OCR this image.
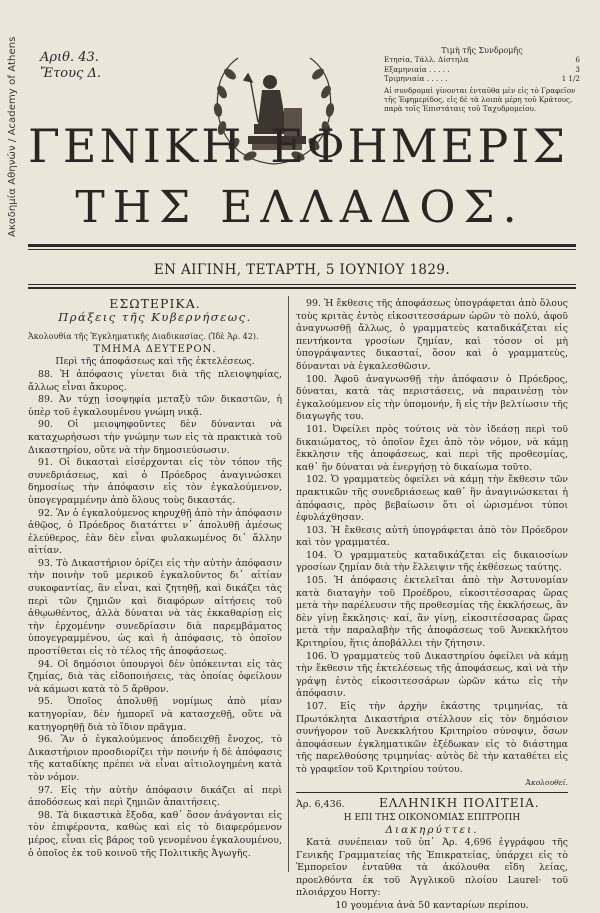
Ακαδημία Αθηνών / Academy of Athens Αριθ. 43.
Ἔτους Δ.
Τιμὴ τῆς Συνδρομῆς
Ετησία, Τάλλ. Δίστηλα	6
Εξαμηνιαία . . . . .	3
Τριμηνιαία . . . . .	1 1/2
Αἱ συνδρομαὶ γίνονται ἐνταῦθα μὲν εἰς τὸ Γραφεῖον τῆς Ἐφημερίδος, εἰς δὲ τὰ λοιπὰ μέρη τοῦ Κράτους, παρὰ τοῖς Ἐπιστάταις τοῦ Ταχυδρομείου.
ΓΕΝΙΚΗ ΕΦΗΜΕΡΙΣ
ΤΗΣ ΕΛΛΑΔΟΣ.
ΕΝ ΑΙΓΙΝΗ, ΤΕΤΑΡΤΗ, 5 ΙΟΥΝΙΟΥ 1829.
ΕΣΩΤΕΡΙΚΑ.
Πράξεις τῆς Κυβερνήσεως.
Ἀκολουθία τῆς Ἐγκληματικῆς Διαδικασίας. (Ἰδὲ Ἀρ. 42).
ΤΜΗΜΑ ΔΕΥΤΕΡΟΝ.
Περὶ τῆς ἀποφάσεως καὶ τῆς ἐκτελέσεως.

88. Ἡ ἀπόφασις γίνεται διὰ τῆς πλειοψηφίας, ἄλλως εἶναι ἄκυρος.

89. Ἀν τύχῃ ἰσοψηφία μεταξὺ τῶν δικαστῶν, ἡ ὑπὲρ τοῦ ἐγκαλουμένου γνώμη νικᾷ.

90. Οἱ μειοψηφοῦντες δὲν δύνανται νὰ καταχωρήσωσι τὴν γνώμην των εἰς τὰ πρακτικὰ τοῦ Δικαστηρίου, οὔτε νὰ τὴν δημοσιεύσωσιν.

91. Οἱ δικασταὶ εἰσέρχονται εἰς τὸν τόπον τῆς συνεδριάσεως, καὶ ὁ Πρόεδρος ἀναγινώσκει δημοσίως τὴν ἀπόφασιν εἰς τὸν ἐγκαλούμενον, ὑπογεγραμμένην ἀπὸ ὅλους τοὺς δικαστάς.

92. Ἂν ὁ ἐγκαλούμενος κηρυχθῇ ἀπὸ τὴν ἀπόφασιν ἀθῷος, ὁ Πρόεδρος διατάττει ν᾽ ἀπολυθῇ ἀμέσως ἐλεύθερος, ἐὰν δὲν εἶναι φυλακωμένος δι᾽ ἄλλην αἰτίαν.

93. Τὸ Δικαστήριον ὁρίζει εἰς τὴν αὐτὴν ἀπόφασιν τὴν ποινὴν τοῦ μερικοῦ ἐγκαλοῦντος δι᾽ αἰτίαν συκοφαντίας, ἂν εἶναι, καὶ ζητηθῇ, καὶ δικάζει τὰς περὶ τῶν ζημιῶν καὶ διαφόρων αἰτήσεις τοῦ ἀθῳωθέντος, ἀλλὰ δύναται νὰ τὰς ἐκκαθαρίσῃ εἰς τὴν ἐρχομένην συνεδρίασιν διὰ παρεμβάματος ὑπογεγραμμένου, ὡς καὶ ἡ ἀπόφασις, τὸ ὁποῖον προστίθεται εἰς τὸ τέλος τῆς ἀποφάσεως.

94. Οἱ δημόσιοι ὑπουργοὶ δὲν ὑπόκεινται εἰς τὰς ζημίας, διὰ τὰς εἰδοποιήσεις, τὰς ὁποίας ὀφείλουν νὰ κάμωσι κατὰ τὸ 5 ἄρθρον.

95. Ὁποῖος ἀπολυθῇ νομίμως ἀπὸ μίαν κατηγορίαν, δὲν ἠμπορεῖ νὰ κατασχεθῇ, οὔτε νὰ κατηγορηθῇ διὰ τὸ ἴδιον πρᾶγμα.

96. Ἂν ὁ ἐγκαλούμενος ἀποδειχθῇ ἔνοχος, τὸ Δικαστήριον προσδιορίζει τὴν ποινήν ἡ δὲ ἀπόφασις τῆς καταδίκης πρέπει νὰ εἶναι αἰτιολογημένη κατὰ τὸν νόμον.

97. Εἰς τὴν αὐτὴν ἀπόφασιν δικάζει αἱ περὶ ἀποδόσεως καὶ περὶ ζημιῶν ἀπαιτήσεις.

98. Τὰ δικαστικὰ ἔξοδα, καθ᾽ ὅσον ἀνάγονται εἰς τὸν ἐπιφέροντα, καθὼς καὶ εἰς τὸ διαφερόμενον μέρος, εἶναι εἰς βάρος τοῦ γενομένου ἐγκαλουμένου, ὁ ὁποῖος ἐκ τοῦ κοινοῦ τῆς Πολιτικῆς Ἀγωγῆς.

99. Ἡ ἔκθεσις τῆς ἀποφάσεως ὑπογράφεται ἀπὸ ὅλους τοὺς κριτὰς ἐντὸς εἰκοσιτεσσάρων ὡρῶν τὸ πολύ, ἀφοῦ ἀναγνωσθῇ ἄλλως, ὁ γραμματεὺς καταδικάζεται εἰς πεντήκοντα γροσίων ζημίαν, καὶ τόσον οἱ μὴ ὑπογράψαντες δικασταί, ὅσον καὶ ὁ γραμματεὺς, δύνανται νὰ ἐγκαλεσθῶσιν.

100. Ἀφοῦ ἀναγνωσθῇ τὴν ἀπόφασιν ὁ Πρόεδρος, δύναται, κατὰ τὰς περιστάσεις, νὰ παραινέσῃ τὸν ἐγκαλούμενον εἰς τὴν ὑπομονήν, ἢ εἰς τὴν βελτίωσιν τῆς διαγωγῆς του.

101. Ὀφείλει πρὸς τούτοις νὰ τὸν ἰδεάσῃ περὶ τοῦ δικαιώματος, τὸ ὁποῖον ἔχει ἀπὸ τὸν νόμον, νὰ κάμῃ ἔκκλησιν τῆς ἀποφάσεως, καὶ περὶ τῆς προθεσμίας, καθ᾽ ἣν δύναται νὰ ἐνεργήσῃ τὸ δικαίωμα τοῦτο.

102. Ὁ γραμματεὺς ὀφείλει νὰ κάμῃ τὴν ἔκθεσιν τῶν πρακτικῶν τῆς συνεδριάσεως καθ᾽ ἣν ἀναγινώσκεται ἡ ἀπόφασις, πρὸς βεβαίωσιν ὅτι οἱ ὡρισμένοι τύποι ἐφυλάχθησαν.

103. Ἡ ἔκθεσις αὐτὴ ὑπογράφεται ἀπὸ τὸν Πρόεδρον καὶ τὸν γραμματέα.

104. Ὁ γραμματεὺς καταδικάζεται εἰς δικαιοσίων γροσίων ζημίαν διὰ τὴν ἔλλειψιν τῆς ἐκθέσεως ταύτης.

105. Ἡ ἀπόφασις ἐκτελεῖται ἀπὸ τὴν Ἀστυνομίαν κατὰ διαταγὴν τοῦ Προέδρου, εἰκοσιτέσσαρας ὥρας μετὰ τὴν παρέλευσιν τῆς προθεσμίας τῆς ἐκκλήσεως, ἂν δὲν γίνῃ ἔκκλησις· καί, ἂν γίνῃ, εἰκοσιτέσσαρας ὥρας μετὰ τὴν παραλαβὴν τῆς ἀποφάσεως τοῦ Ἀνεκκλήτου Κριτηρίου, ἥτις ἀποβάλλει τὴν ζήτησιν.

106. Ὁ γραμματεὺς τοῦ Δικαστηρίου ὀφείλει νὰ κάμῃ τὴν ἔκθεσιν τῆς ἐκτελέσεως τῆς ἀποφάσεως, καὶ νὰ τὴν γράψῃ ἐντὸς εἰκοσιτεσσάρων ὡρῶν κάτω εἰς τὴν ἀπόφασιν.

107. Εἰς τὴν ἀρχὴν ἑκάστης τριμηνίας, τὰ Πρωτόκλητα Δικαστήρια στέλλουν εἰς τὸν δημόσιον συνήγορον τοῦ Ἀνεκκλήτου Κριτηρίου σύνοψιν, ὅσων ἀποφάσεων ἐγκληματικῶν ἐξέδωκαν εἰς τὸ διάστημα τῆς παρελθούσης τριμηνίας· αὐτὸς δὲ τὴν καταθέτει εἰς τὸ γραφεῖον τοῦ Κριτηρίου τούτου.

Ἀκολουθεῖ.
Ἀρ. 6,436.	ΕΛΛΗΝΙΚΗ ΠΟΛΙΤΕΙΑ.
Η ΕΠΙ ΤΗΣ ΟΙΚΟΝΟΜΙΑΣ ΕΠΙΤΡΟΠΗ
Διακηρύττει.

Κατὰ συνέπειαν τοῦ ὑπ᾽ Ἀρ. 4,696 ἐγγράφου τῆς Γενικῆς Γραμματείας τῆς Ἐπικρατείας, ὑπάρχει εἰς τὸ Ἐμπορεῖον ἐνταῦθα τὰ ἀκόλουθα εἴδη λείας, προελθόντα ἐκ τοῦ Ἀγγλικοῦ πλοίου Laurel· τοῦ πλοιάρχου Horry:

10 γουμένια ἀνὰ 50 κανταρίων περίπου.
